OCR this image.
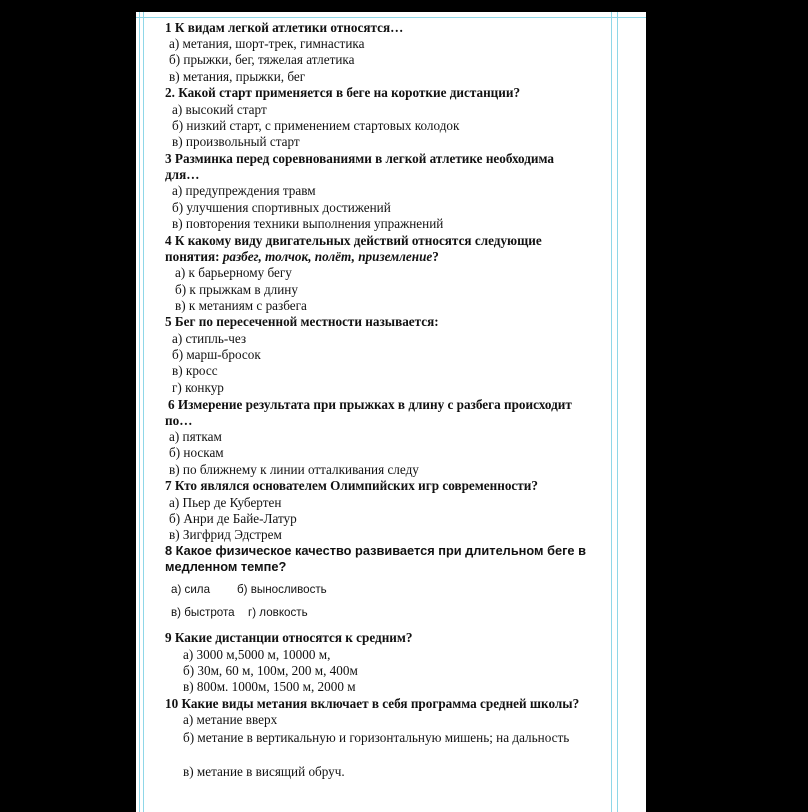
1 К видам легкой атлетики относятся…
а) метания, шорт-трек, гимнастика
б) прыжки, бег, тяжелая атлетика
в) метания, прыжки, бег
2. Какой старт применяется в беге на короткие дистанции?
а) высокий старт
б) низкий старт, с применением стартовых колодок
в) произвольный старт
3 Разминка перед соревнованиями в легкой атлетике необходима
для…
а) предупреждения травм
б) улучшения спортивных достижений
в) повторения техники выполнения упражнений
4 К какому виду двигательных действий относятся следующие
понятия: разбег, толчок, полёт, приземление?
а) к барьерному бегу
б) к прыжкам в длину
в) к метаниям с разбега
5 Бег по пересеченной местности называется:
а) стипль-чез
б) марш-бросок
в) кросс
г) конкур
6 Измерение результата при прыжках в длину с разбега происходит
по…
а) пяткам
б) носкам
в) по ближнему к линии отталкивания следу
7 Кто являлся основателем Олимпийских игр современности?
а) Пьер де Кубертен
б) Анри де Байе-Латур
в) Зигфрид Эдстрем
8 Какое физическое качество развивается при длительном беге в
медленном темпе?
а) сила б) выносливость
в) быстрота г) ловкость
9 Какие дистанции относятся к средним?
а) 3000 м,5000 м, 10000 м,
б) 30м, 60 м, 100м, 200 м, 400м
в) 800м. 1000м, 1500 м, 2000 м
10 Какие виды метания включает в себя программа средней школы?
а) метание вверх
б) метание в вертикальную и горизонтальную мишень; на дальность
в) метание в висящий обруч.
